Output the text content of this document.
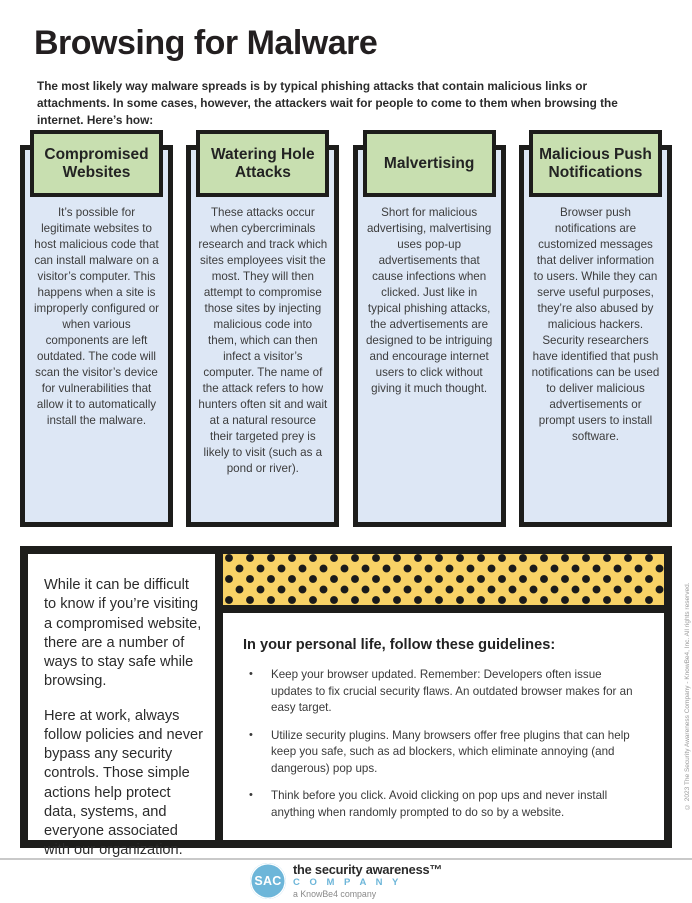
Browsing for Malware

The most likely way malware spreads is by typical phishing attacks that contain malicious links or attachments. In some cases, however, the attackers wait for people to come to them when browsing the internet. Here’s how:

It’s possible for legitimate websites to host malicious code that can install malware on a visitor’s computer. This happens when a site is improperly configured or when various components are left outdated. The code will scan the visitor’s device for vulnerabilities that allow it to automatically install the malware.
Compromised Websites
These attacks occur when cybercriminals research and track which sites employees visit the most. They will then attempt to compromise those sites by injecting malicious code into them, which can then infect a visitor’s computer. The name of the attack refers to how hunters often sit and wait at a natural resource their targeted prey is likely to visit (such as a pond or river).
Watering Hole Attacks
Short for malicious advertising, malvertising uses pop-up advertisements that cause infections when clicked. Just like in typical phishing attacks, the advertisements are designed to be intriguing and encourage internet users to click without giving it much thought.
Malvertising
Browser push notifications are customized messages that deliver information to users. While they can serve useful purposes, they’re also abused by malicious hackers. Security researchers have identified that push notifications can be used to deliver malicious advertisements or prompt users to install software.
Malicious Push Notifications

While it can be difficult to know if you’re visiting a compromised website, there are a number of ways to stay safe while browsing.

Here at work, always follow policies and never bypass any security controls. Those simple actions help protect data, systems, and everyone associated with our organization.

In your personal life, follow these guidelines:
• Keep your browser updated. Remember: Developers often issue updates to fix crucial security flaws. An outdated browser makes for an easy target.
• Utilize security plugins. Many browsers offer free plugins that can help keep you safe, such as ad blockers, which eliminate annoying (and dangerous) pop ups.
• Think before you click. Avoid clicking on pop ups and never install anything when randomly prompted to do so by a website.
© 2023 The Security Awareness Company - KnowBe4, Inc. All rights reserved.
SAC
the security awareness™
C O M P A N Y
a KnowBe4 company
